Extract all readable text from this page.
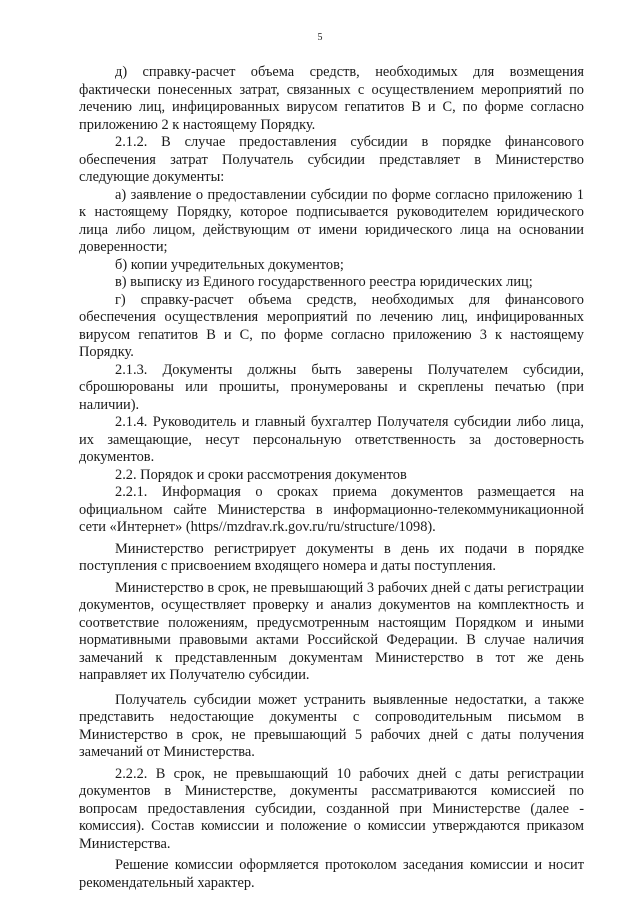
5

д) справку-расчет объема средств, необходимых для возмещения фактически понесенных затрат, связанных с осуществлением мероприятий по лечению лиц, инфицированных вирусом гепатитов В и С, по форме согласно приложению 2 к настоящему Порядку.

2.1.2. В случае предоставления субсидии в порядке финансового обеспечения затрат Получатель субсидии представляет в Министерство следующие документы:

а) заявление о предоставлении субсидии по форме согласно приложению 1 к настоящему Порядку, которое подписывается руководителем юридического лица либо лицом, действующим от имени юридического лица на основании доверенности;

б) копии учредительных документов;

в) выписку из Единого государственного реестра юридических лиц;

г) справку-расчет объема средств, необходимых для финансового обеспечения осуществления мероприятий по лечению лиц, инфицированных вирусом гепатитов В и С, по форме согласно приложению 3 к настоящему Порядку.

2.1.3. Документы должны быть заверены Получателем субсидии, сброшюрованы или прошиты, пронумерованы и скреплены печатью (при наличии).

2.1.4. Руководитель и главный бухгалтер Получателя субсидии либо лица, их замещающие, несут персональную ответственность за достоверность документов.

2.2. Порядок и сроки рассмотрения документов

2.2.1. Информация о сроках приема документов размещается на официальном сайте Министерства в информационно-телекоммуникационной сети «Интернет» (https//mzdrav.rk.gov.ru/ru/structure/1098).

Министерство регистрирует документы в день их подачи в порядке поступления с присвоением входящего номера и даты поступления.

Министерство в срок, не превышающий 3 рабочих дней с даты регистрации документов, осуществляет проверку и анализ документов на комплектность и соответствие положениям, предусмотренным настоящим Порядком и иными нормативными правовыми актами Российской Федерации. В случае наличия замечаний к представленным документам Министерство в тот же день направляет их Получателю субсидии.

Получатель субсидии может устранить выявленные недостатки, а также представить недостающие документы с сопроводительным письмом в Министерство в срок, не превышающий 5 рабочих дней с даты получения замечаний от Министерства.

2.2.2. В срок, не превышающий 10 рабочих дней с даты регистрации документов в Министерстве, документы рассматриваются комиссией по вопросам предоставления субсидии, созданной при Министерстве (далее - комиссия). Состав комиссии и положение о комиссии утверждаются приказом Министерства.

Решение комиссии оформляется протоколом заседания комиссии и носит рекомендательный характер.
